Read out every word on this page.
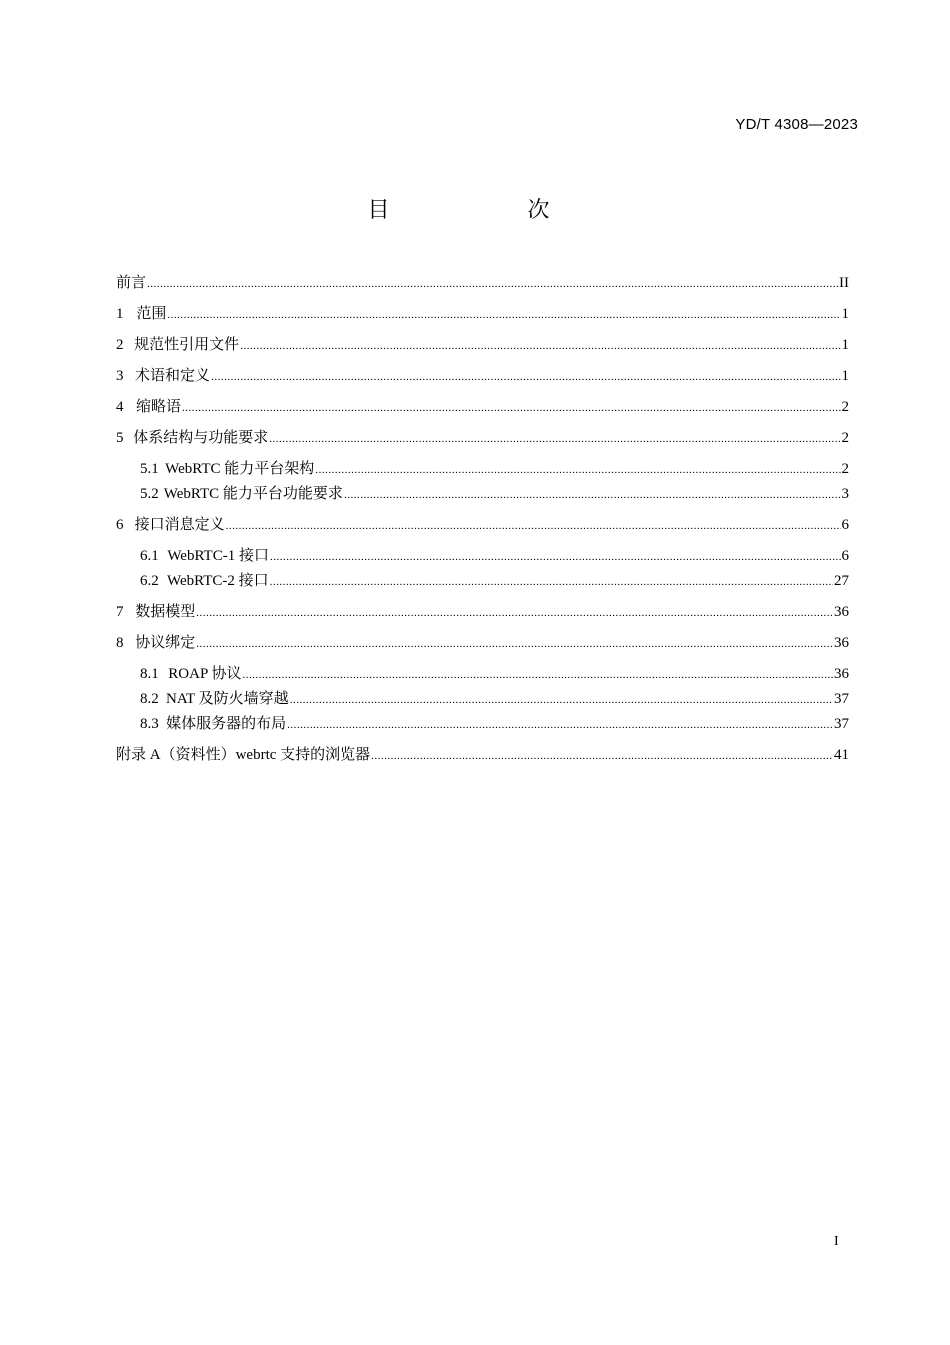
YD/T 4308—2023
目　次
前言 .....	II
1 范围 .....	1
2 规范性引用文件 .....	1
3 术语和定义 .....	1
4 缩略语 .....	2
5 体系结构与功能要求 .....	2
5.1 WebRTC 能力平台架构 .....	2
5.2 WebRTC 能力平台功能要求 .....	3
6 接口消息定义 .....	6
6.1 WebRTC-1 接口 .....	6
6.2 WebRTC-2 接口 .....	27
7 数据模型 .....	36
8 协议绑定 .....	36
8.1 ROAP 协议 .....	36
8.2 NAT 及防火墙穿越 .....	37
8.3 媒体服务器的布局 .....	37
附录 A（资料性）webrtc 支持的浏览器 .....	41
I
